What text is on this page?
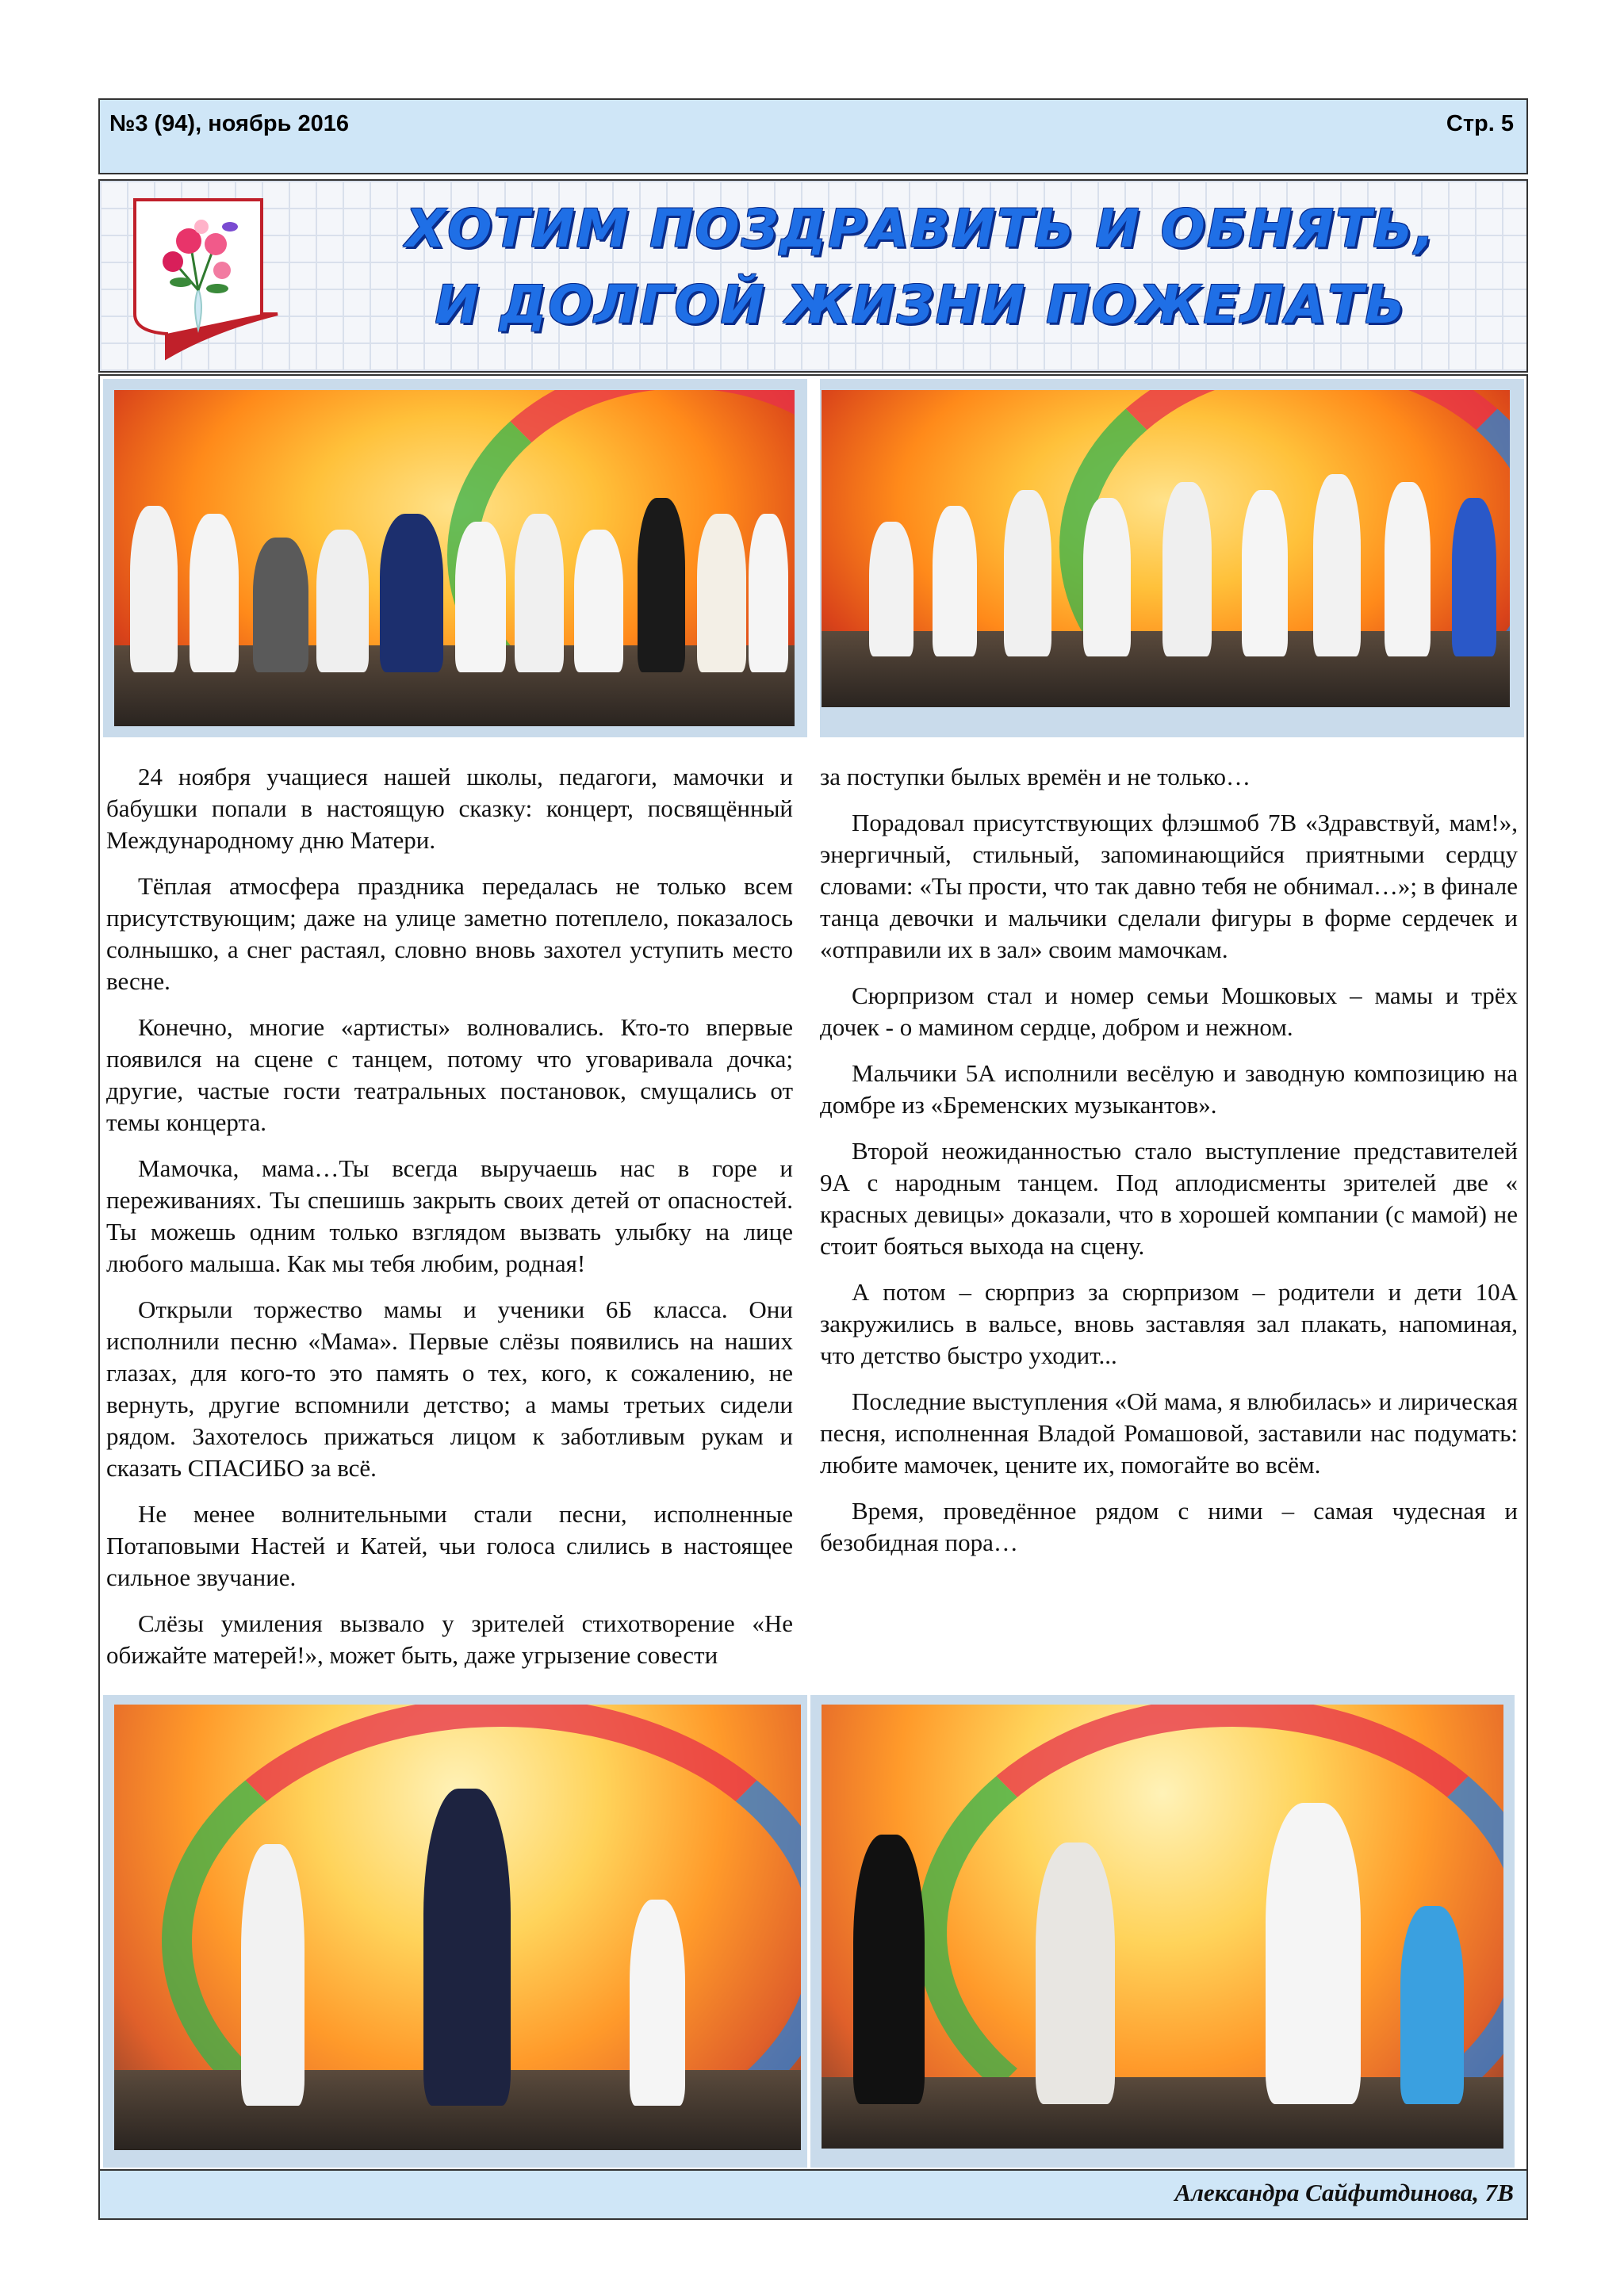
№3 (94), ноябрь 2016	Стр. 5
ХОТИМ ПОЗДРАВИТЬ И ОБНЯТЬ,
И ДОЛГОЙ ЖИЗНИ ПОЖЕЛАТЬ

24 ноября учащиеся нашей школы, педагоги, мамочки и бабушки попали в настоящую сказку: концерт, посвящённый Международному дню Матери.

Тёплая атмосфера праздника передалась не только всем присутствующим; даже на улице заметно потеплело, показалось солнышко, а снег растаял, словно вновь захотел уступить место весне.

Конечно, многие «артисты» волновались. Кто-то впервые появился на сцене с танцем, потому что уговаривала дочка; другие, частые гости театральных постановок, смущались от темы концерта.

Мамочка, мама…Ты всегда выручаешь нас в горе и переживаниях. Ты спешишь закрыть своих детей от опасностей. Ты можешь одним только взглядом вызвать улыбку на лице любого малыша. Как мы тебя любим, родная!

Открыли торжество мамы и ученики 6Б класса. Они исполнили песню «Мама». Первые слёзы появились на наших глазах, для кого-то это память о тех, кого, к сожалению, не вернуть, другие вспомнили детство; а мамы третьих сидели рядом. Захотелось прижаться лицом к заботливым рукам и сказать СПАСИБО за всё.

Не менее волнительными стали песни, исполненные Потаповыми Настей и Катей, чьи голоса слились в настоящее сильное звучание.

Слёзы умиления вызвало у зрителей стихотворение «Не обижайте матерей!», может быть, даже угрызение совести

за поступки былых времён и не только…

Порадовал присутствующих флэшмоб 7В «Здравствуй, мам!», энергичный, стильный, запоминающийся приятными сердцу словами: «Ты прости, что так давно тебя не обнимал…»; в финале танца девочки и мальчики сделали фигуры в форме сердечек и «отправили их в зал» своим мамочкам.

Сюрпризом стал и номер семьи Мошковых – мамы и трёх дочек - о мамином сердце, добром и нежном.

Мальчики 5А исполнили весёлую и заводную композицию на домбре из «Бременских музыкантов».

Второй неожиданностью стало выступление представителей 9А с народным танцем. Под аплодисменты зрителей две « красных девицы» доказали, что в хорошей компании (с мамой) не стоит бояться выхода на сцену.

А потом – сюрприз за сюрпризом – родители и дети 10А закружились в вальсе, вновь заставляя зал плакать, напоминая, что детство быстро уходит...

Последние выступления «Ой мама, я влюбилась» и лирическая песня, исполненная Владой Ромашовой, заставили нас подумать: любите мамочек, цените их, помогайте во всём.

Время, проведённое рядом с ними – самая чудесная и безобидная пора…

Александра Сайфитдинова, 7В
